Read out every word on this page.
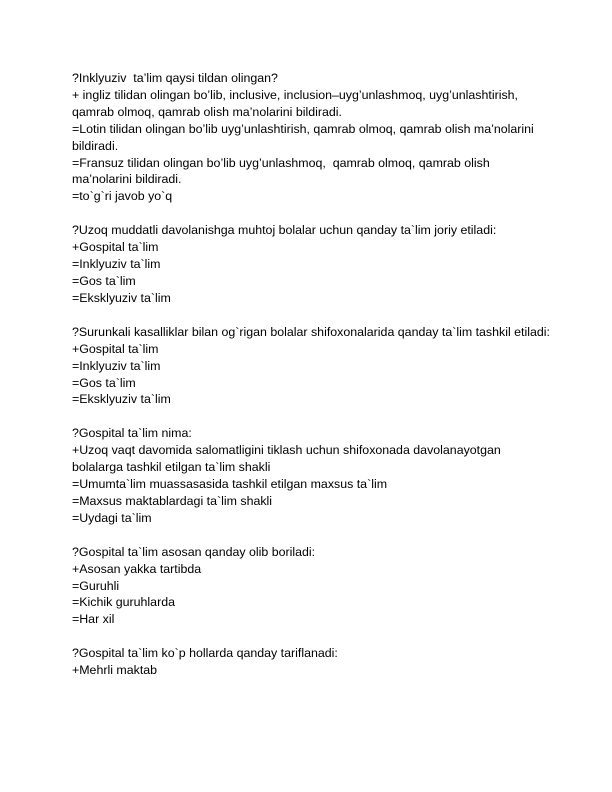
?Inklyuziv  ta’lim qaysi tildan olingan?

+ ingliz tilidan olingan bo’lib, inclusive, inclusion–uyg’unlashmoq, uyg’unlashtirish, qamrab olmoq, qamrab olish ma’nolarini bildiradi.

=Lotin tilidan olingan bo’lib uyg’unlashtirish, qamrab olmoq, qamrab olish ma’nolarini bildiradi.

=Fransuz tilidan olingan bo’lib uyg’unlashmoq,  qamrab olmoq, qamrab olish ma’nolarini bildiradi.

=to`g`ri javob yo`q

?Uzoq muddatli davolanishga muhtoj bolalar uchun qanday ta`lim joriy etiladi:

+Gospital ta`lim

=Inklyuziv ta`lim

=Gos ta`lim

=Eksklyuziv ta`lim

?Surunkali kasalliklar bilan og`rigan bolalar shifoxonalarida qanday ta`lim tashkil etiladi:

+Gospital ta`lim

=Inklyuziv ta`lim

=Gos ta`lim

=Eksklyuziv ta`lim

?Gospital ta`lim nima:

+Uzoq vaqt davomida salomatligini tiklash uchun shifoxonada davolanayotgan bolalarga tashkil etilgan ta`lim shakli

=Umumta`lim muassasasida tashkil etilgan maxsus ta`lim

=Maxsus maktablardagi ta`lim shakli

=Uydagi ta`lim

?Gospital ta`lim asosan qanday olib boriladi:

+Asosan yakka tartibda

=Guruhli

=Kichik guruhlarda

=Har xil

?Gospital ta`lim ko`p hollarda qanday tariflanadi:

+Mehrli maktab
